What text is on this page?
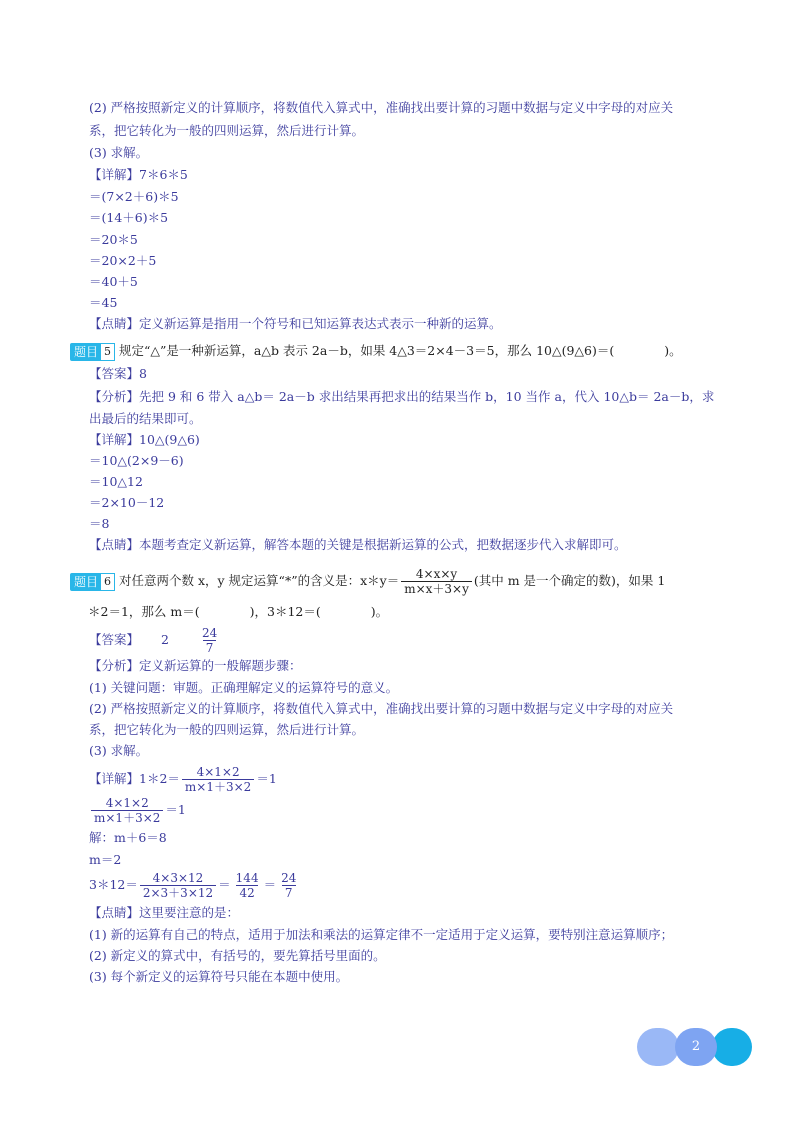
(2) 严格按照新定义的计算顺序，将数值代入算式中，准确找出要计算的习题中数据与定义中字母的对应关
系，把它转化为一般的四则运算，然后进行计算。
(3) 求解。
【详解】7＊6＊5
＝(7×2＋6)＊5
＝(14＋6)＊5
＝20＊5
＝20×2＋5
＝40＋5
＝45
【点睛】定义新运算是指用一个符号和已知运算表达式表示一种新的运算。
题目 5 规定“△”是一种新运算，a△b 表示 2a－b，如果 4△3＝2×4－3＝5，那么 10△(9△6)＝(　　　　)。
【答案】8
【分析】先把 9 和 6 带入 a△b＝ 2a－b 求出结果再把求出的结果当作 b，10 当作 a，代入 10△b＝ 2a－b，求
出最后的结果即可。
【详解】10△(9△6)
＝10△(2×9－6)
＝10△12
＝2×10－12
＝8
【点睛】本题考查定义新运算，解答本题的关键是根据新运算的公式，把数据逐步代入求解即可。
题目 6 对任意两个数 x，y 规定运算“*”的含义是：x＊y＝ $\frac{4\times x\times y}{m\times x+3\times y}$ (其中 m 是一个确定的数)，如果 1
＊2＝1，那么 m＝(　　　　)，3＊12＝(　　　　)。
【答案】 $2 \frac{24}{7}$
【分析】定义新运算的一般解题步骤：
(1) 关键问题：审题。正确理解定义的运算符号的意义。
(2) 严格按照新定义的计算顺序，将数值代入算式中，准确找出要计算的习题中数据与定义中字母的对应关
系，把它转化为一般的四则运算，然后进行计算。
(3) 求解。
【详解】1＊2＝ $\frac{4\times 1\times 2}{m\times 1+3\times 2} =1$
$\frac{4\times 1\times 2}{m\times 1+3\times 2} =1$
解：m＋6＝8
m＝2
3＊12＝ $\frac{4\times 3\times 12}{2\times 3+3\times 12} = \frac{144}{42} = \frac{24}{7}$
【点睛】这里要注意的是：
(1) 新的运算有自己的特点，适用于加法和乘法的运算定律不一定适用于定义运算，要特别注意运算顺序；
(2) 新定义的算式中，有括号的，要先算括号里面的。
(3) 每个新定义的运算符号只能在本题中使用。
2
